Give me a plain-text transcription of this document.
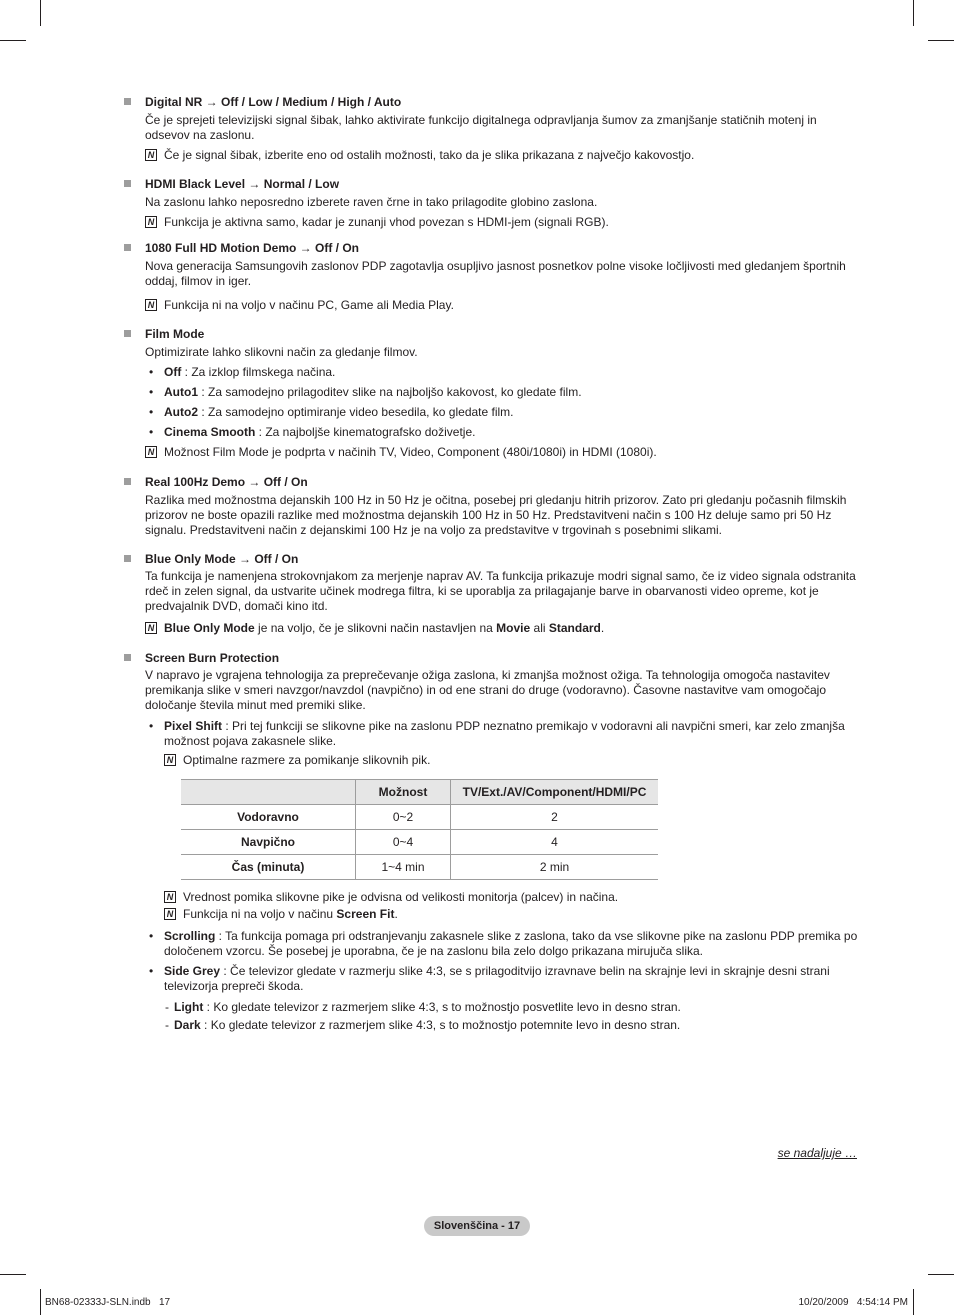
Digital NR → Off / Low / Medium / High / Auto
Če je sprejeti televizijski signal šibak, lahko aktivirate funkcijo digitalnega odpravljanja šumov za zmanjšanje statičnih motenj in odsevov na zaslonu.
N Če je signal šibak, izberite eno od ostalih možnosti, tako da je slika prikazana z največjo kakovostjo.
HDMI Black Level → Normal / Low
Na zaslonu lahko neposredno izberete raven črne in tako prilagodite globino zaslona.
N Funkcija je aktivna samo, kadar je zunanji vhod povezan s HDMI-jem (signali RGB).
1080 Full HD Motion Demo → Off / On
Nova generacija Samsungovih zaslonov PDP zagotavlja osupljivo jasnost posnetkov polne visoke ločljivosti med gledanjem športnih oddaj, filmov in iger.
N Funkcija ni na voljo v načinu PC, Game ali Media Play.
Film Mode
Optimizirate lahko slikovni način za gledanje filmov.
• Off : Za izklop filmskega načina.
• Auto1 : Za samodejno prilagoditev slike na najboljšo kakovost, ko gledate film.
• Auto2 : Za samodejno optimiranje video besedila, ko gledate film.
• Cinema Smooth : Za najboljše kinematografsko doživetje.
N Možnost Film Mode je podprta v načinih TV, Video, Component (480i/1080i) in HDMI (1080i).
Real 100Hz Demo → Off / On
Razlika med možnostma dejanskih 100 Hz in 50 Hz je očitna, posebej pri gledanju hitrih prizorov. Zato pri gledanju počasnih filmskih prizorov ne boste opazili razlike med možnostma dejanskih 100 Hz in 50 Hz. Predstavitveni način s 100 Hz deluje samo pri 50 Hz signalu. Predstavitveni način z dejanskimi 100 Hz je na voljo za predstavitve v trgovinah s posebnimi slikami.
Blue Only Mode → Off / On
Ta funkcija je namenjena strokovnjakom za merjenje naprav AV. Ta funkcija prikazuje modri signal samo, če iz video signala odstranita rdeč in zelen signal, da ustvarite učinek modrega filtra, ki se uporablja za prilagajanje barve in obarvanosti video opreme, kot je predvajalnik DVD, domači kino itd.
N Blue Only Mode je na voljo, če je slikovni način nastavljen na Movie ali Standard.
Screen Burn Protection
V napravo je vgrajena tehnologija za preprečevanje ožiga zaslona, ki zmanjša možnost ožiga. Ta tehnologija omogoča nastavitev premikanja slike v smeri navzgor/navzdol (navpično) in od ene strani do druge (vodoravno). Časovne nastavitve vam omogočajo določanje števila minut med premiki slike.
• Pixel Shift : Pri tej funkciji se slikovne pike na zaslonu PDP neznatno premikajo v vodoravni ali navpični smeri, kar zelo zmanjša možnost pojava zakasnele slike.
N Optimalne razmere za pomikanje slikovnih pik.
	Možnost	TV/Ext./AV/Component/HDMI/PC
Vodoravno	0~2	2
Navpično	0~4	4
Čas (minuta)	1~4 min	2 min
N Vrednost pomika slikovne pike je odvisna od velikosti monitorja (palcev) in načina.
N Funkcija ni na voljo v načinu Screen Fit.
• Scrolling : Ta funkcija pomaga pri odstranjevanju zakasnele slike z zaslona, tako da vse slikovne pike na zaslonu PDP premika po določenem vzorcu. Še posebej je uporabna, če je na zaslonu bila zelo dolgo prikazana mirujuča slika.
• Side Grey : Če televizor gledate v razmerju slike 4:3, se s prilagoditvijo izravnave belin na skrajnje levi in skrajnje desni strani televizorja prepreči škoda.
- Light : Ko gledate televizor z razmerjem slike 4:3, s to možnostjo posvetlite levo in desno stran.
- Dark : Ko gledate televizor z razmerjem slike 4:3, s to možnostjo potemnite levo in desno stran.
se nadaljuje …
Slovenščina - 17
BN68-02333J-SLN.indb   17	10/20/2009   4:54:14 PM
